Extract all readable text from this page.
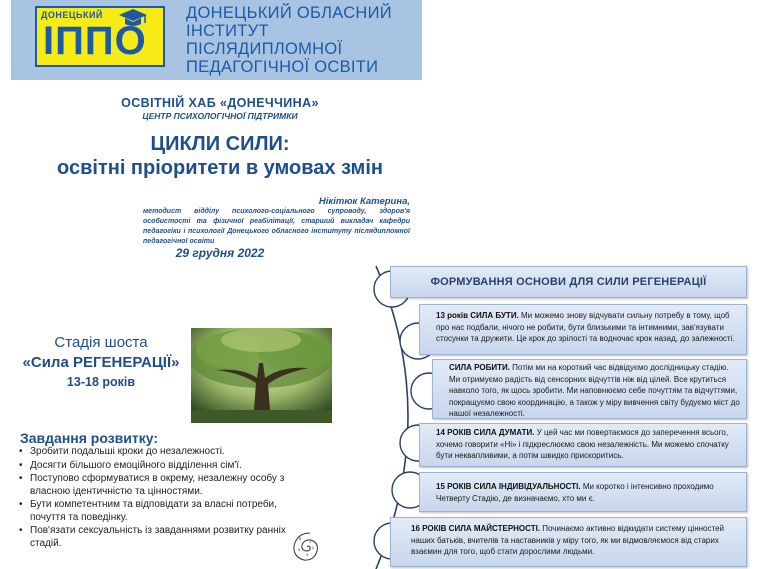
ДОНЕЦЬКИЙ
ІППО
ДОНЕЦЬКИЙ ОБЛАСНИЙ
ІНСТИТУТ
ПІСЛЯДИПЛОМНОЇ
ПЕДАГОГІЧНОЇ ОСВІТИ
ОСВІТНІЙ ХАБ «ДОНЕЧЧИНА»
ЦЕНТР ПСИХОЛОГІЧНОЇ ПІДТРИМКИ
ЦИКЛИ СИЛИ:
освітні пріоритети в умовах змін
Нікітюк Катерина,
методист відділу психолого-соціального супроводу, здоров'я особистості та фізичної реабілітації, старший викладач кафедри педагогіки і психології Донецького обласного інституту післядипломної педагогічної освіти
29 грудня 2022
Стадія шоста
«Сила РЕГЕНЕРАЦІЇ»
13-18 років
Завдання розвитку:
• Зробити подальші кроки до незалежності.
• Досягти більшого емоційного відділення сім'ї.
• Поступово сформуватися в окрему, незалежну особу з власною ідентичністю та цінностями.
• Бути компетентним та відповідати за власні потреби, почуття та поведінку.
• Пов'язати сексуальність із завданнями розвитку ранніх стадій.	1
2
3
5
8
ФОРМУВАННЯ ОСНОВИ ДЛЯ СИЛИ РЕГЕНЕРАЦІЇ
13 років СИЛА БУТИ. Ми можемо знову відчувати сильну потребу в тому, щоб про нас подбали, нічого не робити, бути близькими та інтимними, зав'язувати стосунки та дружити. Це крок до зрілості та водночас крок назад, до залежності.
СИЛА РОБИТИ. Потім ми на короткий час відвідуємо дослідницьку стадію. Ми отримуємо радість від сенсорних відчуттів ніж від цілей. Все крутиться навколо того, як щось зробити. Ми наповнюємо себе почуттям та відчуттями, покращуємо свою координацію, а також у міру вивчення світу будуємо міст до нашої незалежності.
14 РОКІВ СИЛА ДУМАТИ. У цей час ми повертаємося до заперечення всього, хочемо говорити «Ні» і підкреслюємо свою незалежність. Ми можемо спочатку бути неквапливими, а потім швидко прискоритись.
15 РОКІВ СИЛА ІНДИВІДУАЛЬНОСТІ. Ми коротко і інтенсивно проходимо Четверту Стадію, де визначаємо, хто ми є.
16 РОКІВ СИЛА МАЙСТЕРНОСТІ. Починаємо активно відкидати систему цінностей наших батьків, вчителів та наставників у міру того, як ми відмовляємося від старих взаємин для того, щоб стати дорослими людьми.
